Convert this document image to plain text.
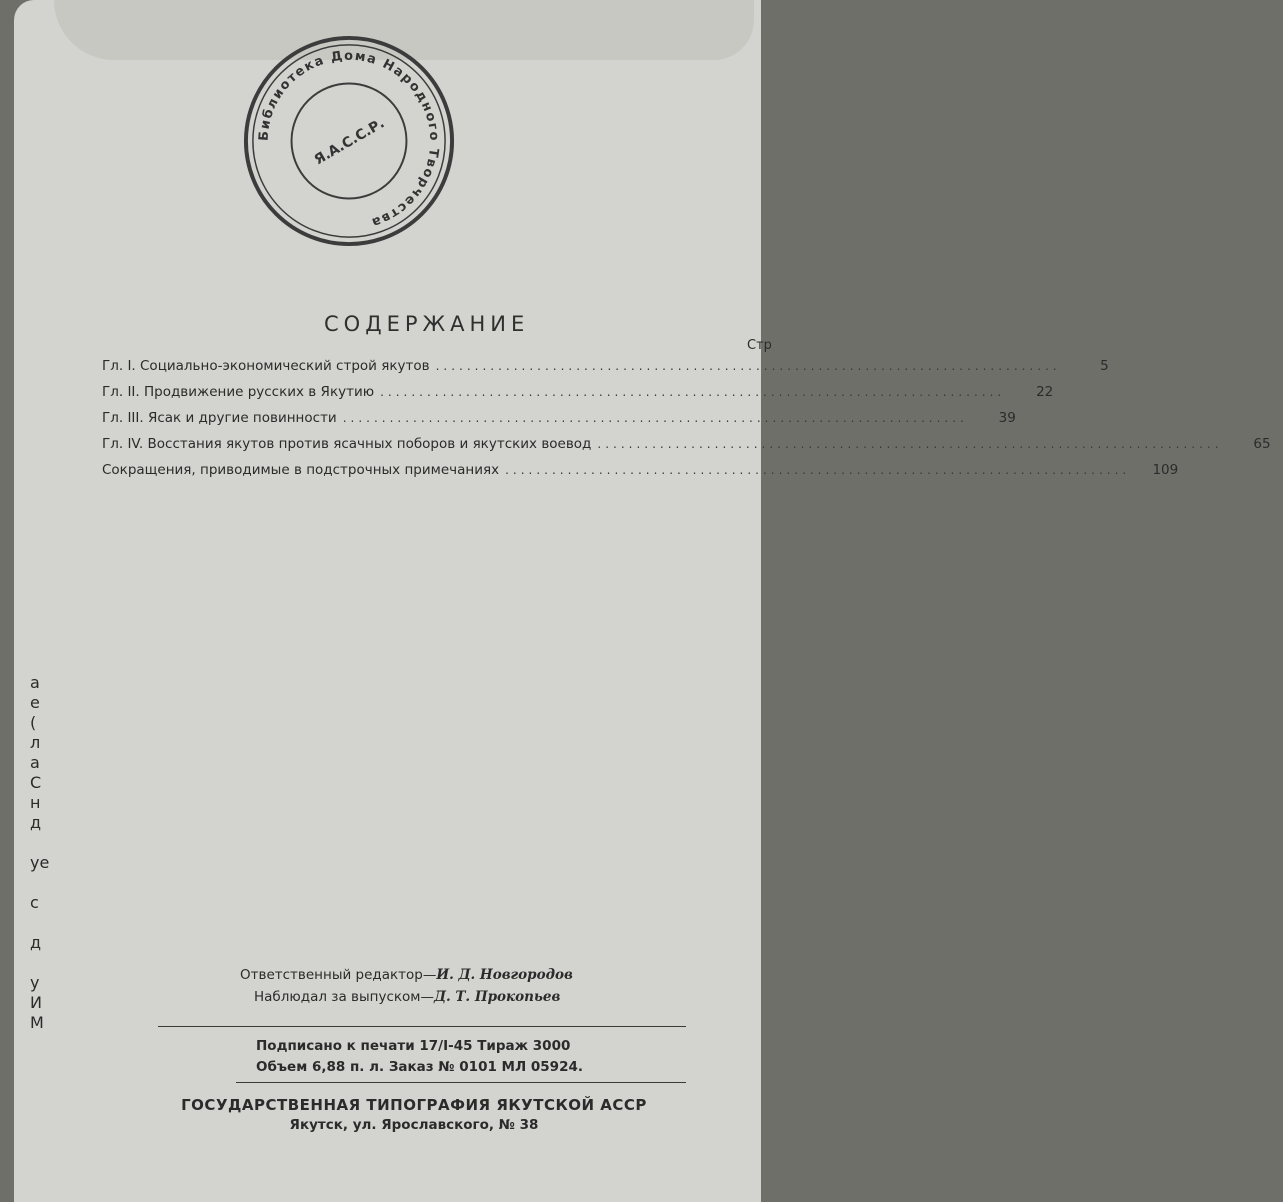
Библиотека Дома Народного Творчества
Я.А.С.С.Р.
СОДЕРЖАНИЕ
Стр
Гл. I. Социально-экономический строй якутов ................................................................................	5
Гл. II. Продвижение русских в Якутию ................................................................................	22
Гл. III. Ясак и другие повинности ................................................................................	39
Гл. IV. Восстания якутов против ясачных поборов и якутских воевод ................................................................................	65
Сокращения, приводимые в подстрочных примечаниях ................................................................................	109
а
е
(
л
а
С
н
д
уе
с
д
у
И
М
Ответственный редактор—И. Д. Новгородов
Наблюдал за выпуском—Д. Т. Прокопьев
Подписано к печати 17/I-45 Тираж 3000
Объем 6,88 п. л. Заказ № 0101 МЛ 05924.
ГОСУДАРСТВЕННАЯ ТИПОГРАФИЯ ЯКУТСКОЙ АССР
Якутск, ул. Ярославского, № 38
